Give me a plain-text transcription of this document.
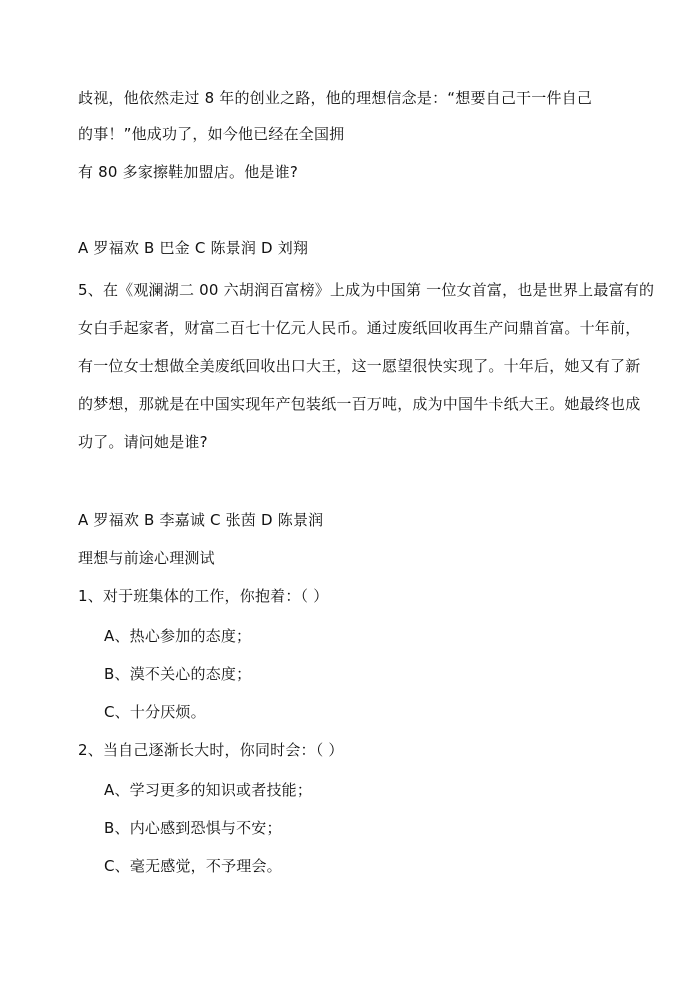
歧视，他依然走过 8 年的创业之路，他的理想信念是：“想要自己干一件自己
的事！”他成功了，如今他已经在全国拥
有 80 多家擦鞋加盟店。他是谁?
A 罗福欢 B 巴金 C 陈景润 D 刘翔
5、在《观澜湖二 00 六胡润百富榜》上成为中国第 一位女首富，也是世界上最富有的
女白手起家者，财富二百七十亿元人民币。通过废纸回收再生产问鼎首富。十年前，
有一位女士想做全美废纸回收出口大王，这一愿望很快实现了。十年后，她又有了新
的梦想，那就是在中国实现年产包装纸一百万吨，成为中国牛卡纸大王。她最终也成
功了。请问她是谁?
A 罗福欢 B 李嘉诚 C 张茵 D 陈景润
理想与前途心理测试
1、对于班集体的工作，你抱着：（ ）
A、热心参加的态度；
B、漠不关心的态度；
C、十分厌烦。
2、当自己逐渐长大时，你同时会：（ ）
A、学习更多的知识或者技能；
B、内心感到恐惧与不安；
C、毫无感觉，不予理会。
